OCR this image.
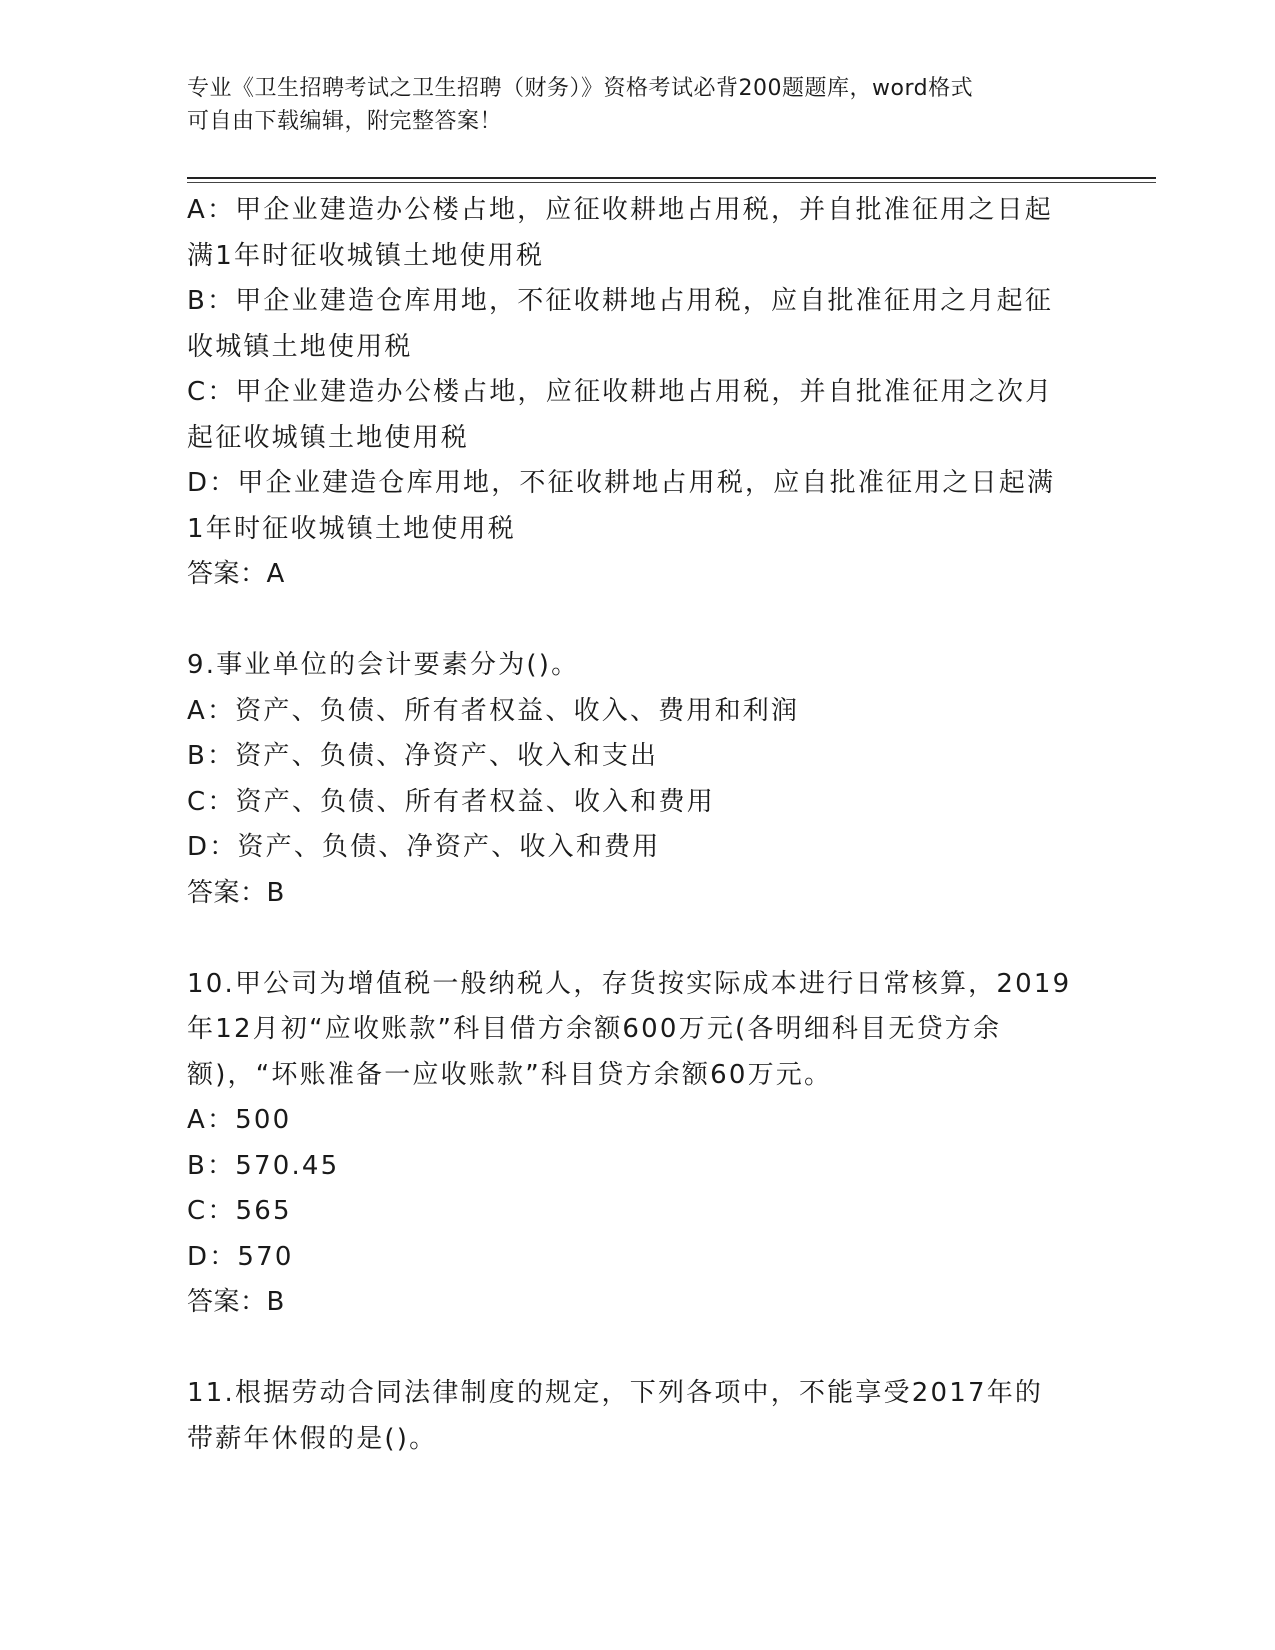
专业《卫生招聘考试之卫生招聘（财务）》资格考试必背200题题库，word格式
可自由下载编辑，附完整答案！
A：甲企业建造办公楼占地，应征收耕地占用税，并自批准征用之日起
满1年时征收城镇土地使用税
B：甲企业建造仓库用地，不征收耕地占用税，应自批准征用之月起征
收城镇土地使用税
C：甲企业建造办公楼占地，应征收耕地占用税，并自批准征用之次月
起征收城镇土地使用税
D：甲企业建造仓库用地，不征收耕地占用税，应自批准征用之日起满
1年时征收城镇土地使用税
答案：A
9.事业单位的会计要素分为()。
A：资产、负债、所有者权益、收入、费用和利润
B：资产、负债、净资产、收入和支出
C：资产、负债、所有者权益、收入和费用
D：资产、负债、净资产、收入和费用
答案：B
10.甲公司为增值税一般纳税人，存货按实际成本进行日常核算，2019
年12月初“应收账款”科目借方余额600万元(各明细科目无贷方余
额)，“坏账准备一应收账款”科目贷方余额60万元。
A：500
B：570.45
C：565
D：570
答案：B
11.根据劳动合同法律制度的规定，下列各项中，不能享受2017年的
带薪年休假的是()。
